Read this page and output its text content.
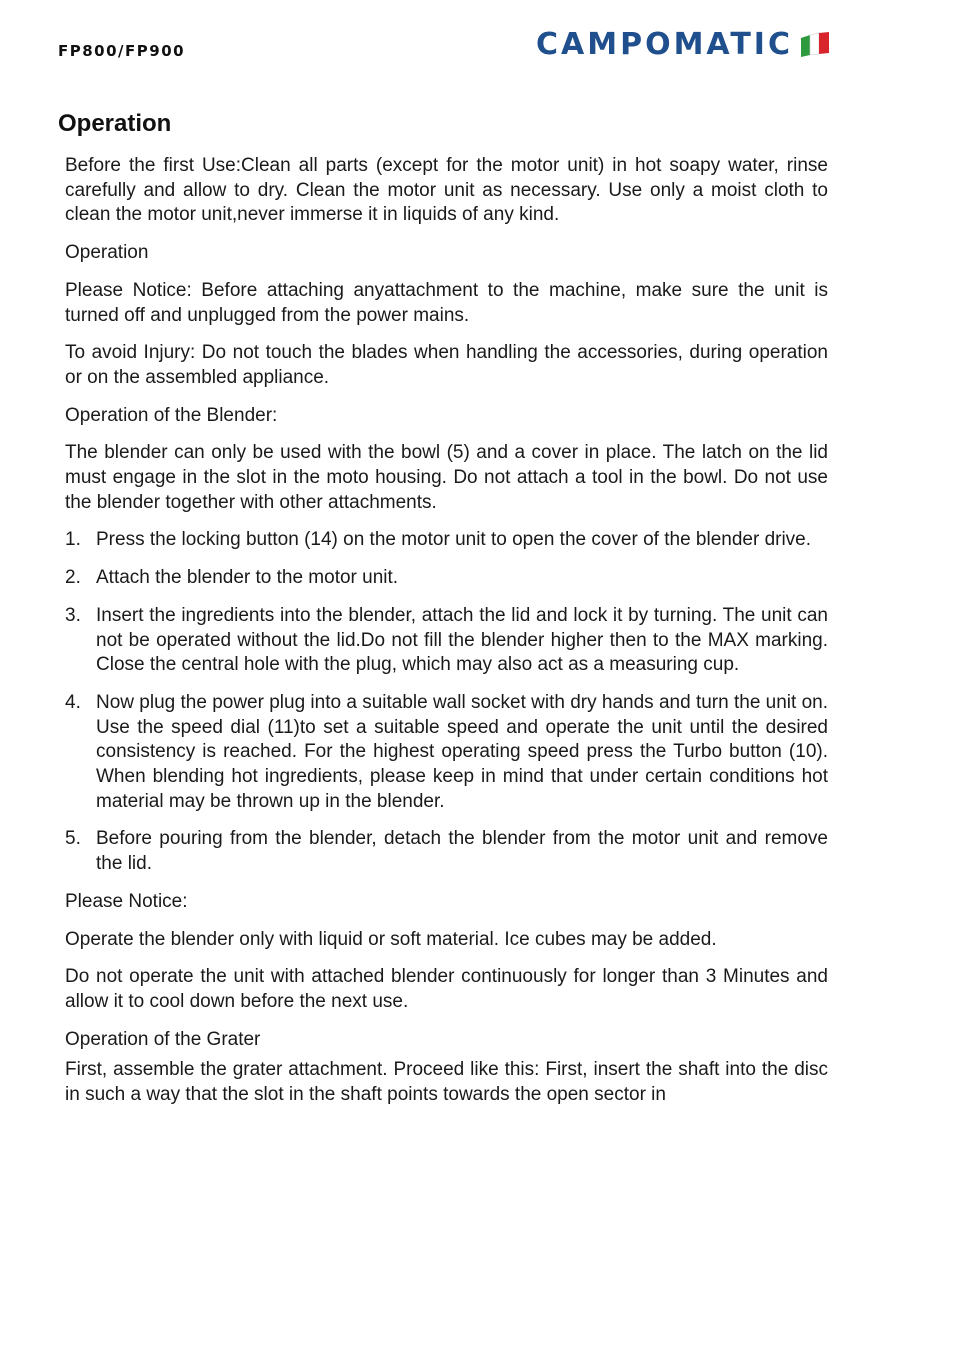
FP800/FP900	CAMPOMATIC
Operation

Before the first Use:Clean all parts (except for the motor unit) in hot soapy water, rinse carefully and allow to dry. Clean the motor unit as necessary. Use only a moist cloth to clean the motor unit,never immerse it in liquids of any kind.

Operation

Please Notice: Before attaching anyattachment to the machine, make sure the unit is turned off and unplugged from the power mains.

To avoid Injury: Do not touch the blades when handling the accessories, during operation or on the assembled appliance.

Operation of the Blender:

The blender can only be used with the bowl (5) and a cover in place. The latch on the lid must engage in the slot in the moto housing. Do not attach a tool in the bowl. Do not use the blender together with other attachments.

1. Press the locking button (14) on the motor unit to open the cover of the blender drive.
2. Attach the blender to the motor unit.
3. Insert the ingredients into the blender, attach the lid and lock it by turning. The unit can not be operated without the lid.Do not fill the blender higher then to the MAX marking. Close the central hole with the plug, which may also act as a measuring cup.
4. Now plug the power plug into a suitable wall socket with dry hands and turn the unit on. Use the speed dial (11)to set a suitable speed and operate the unit until the desired consistency is reached. For the highest operating speed press the Turbo button (10). When blending hot ingredients, please keep in mind that under certain conditions hot material may be thrown up in the blender.
5. Before pouring from the blender, detach the blender from the motor unit and remove the lid.

Please Notice:

Operate the blender only with liquid or soft material. Ice cubes may be added.

Do not operate the unit with attached blender continuously for longer than 3 Minutes and allow it to cool down before the next use.

Operation of the Grater

First, assemble the grater attachment. Proceed like this: First, insert the shaft into the disc in such a way that the slot in the shaft points towards the open sector in
